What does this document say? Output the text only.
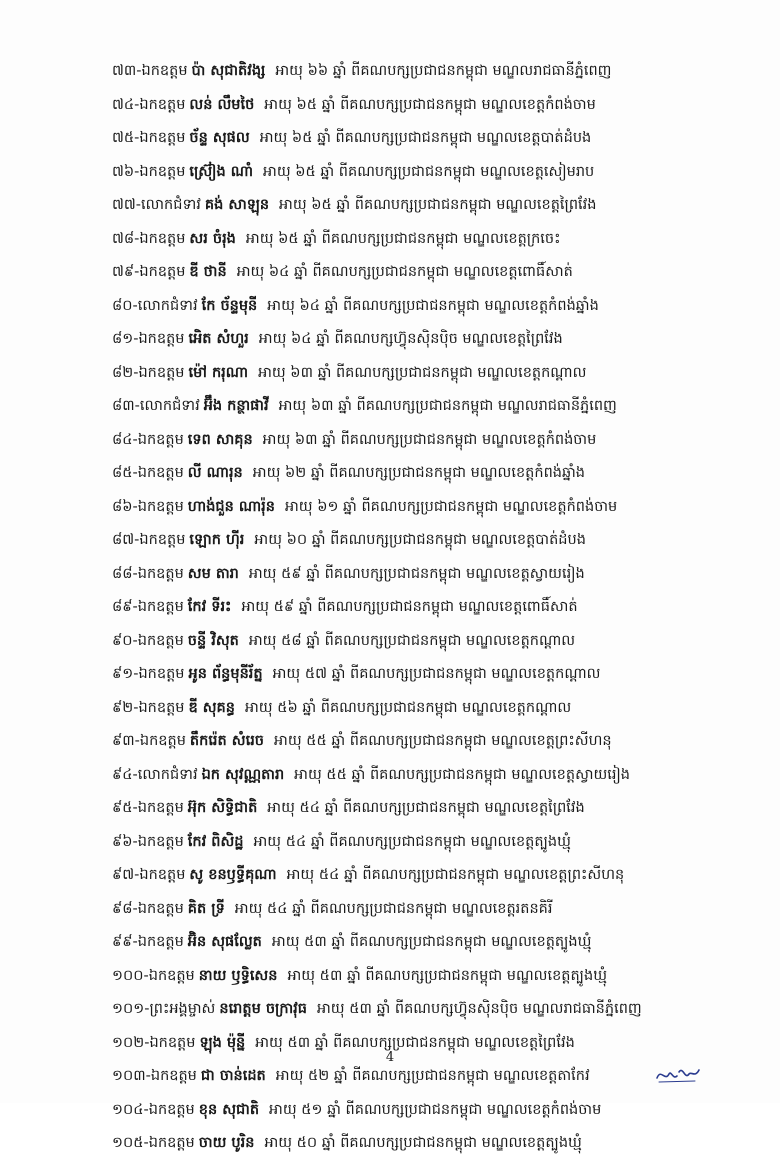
៧៣-ឯកឧត្តម ប៉ា សុជាតិវង្ស អាយុ ៦៦ ឆ្នាំ ពីគណបក្សប្រជាជនកម្ពុជា មណ្ឌលរាជធានីភ្នំពេញ
៧៤-ឯកឧត្តម លន់ លឹមថៃ អាយុ ៦៥ ឆ្នាំ ពីគណបក្សប្រជាជនកម្ពុជា មណ្ឌលខេត្តកំពង់ចាម
៧៥-ឯកឧត្តម ច័ន្ទ សុផល អាយុ ៦៥ ឆ្នាំ ពីគណបក្សប្រជាជនកម្ពុជា មណ្ឌលខេត្តបាត់ដំបង
៧៦-ឯកឧត្តម ស៊្រៀង ណាំ អាយុ ៦៥ ឆ្នាំ ពីគណបក្សប្រជាជនកម្ពុជា មណ្ឌលខេត្តសៀមរាប
៧៧-លោកជំទាវ គង់ សាឡុន អាយុ ៦៥ ឆ្នាំ ពីគណបក្សប្រជាជនកម្ពុជា មណ្ឌលខេត្តព្រៃវែង
៧៨-ឯកឧត្តម សរ ចំរុង អាយុ ៦៥ ឆ្នាំ ពីគណបក្សប្រជាជនកម្ពុជា មណ្ឌលខេត្តក្រចេះ
៧៩-ឯកឧត្តម ឌី ថានី អាយុ ៦៤ ឆ្នាំ ពីគណបក្សប្រជាជនកម្ពុជា មណ្ឌលខេត្តពោធិ៍សាត់
៨០-លោកជំទាវ កែ ច័ន្ទមុនី អាយុ ៦៤ ឆ្នាំ ពីគណបក្សប្រជាជនកម្ពុជា មណ្ឌលខេត្តកំពង់ឆ្នាំង
៨១-ឯកឧត្តម អេិត សំហួរ អាយុ ៦៤ ឆ្នាំ ពីគណបក្សហ៊្វុនស៊ិនប៉ិច មណ្ឌលខេត្តព្រៃវែង
៨២-ឯកឧត្តម ម៉ៅ ករុណា អាយុ ៦៣ ឆ្នាំ ពីគណបក្សប្រជាជនកម្ពុជា មណ្ឌលខេត្តកណ្តាល
៨៣-លោកជំទាវ អ៊ឹង កន្ថាផាវី អាយុ ៦៣ ឆ្នាំ ពីគណបក្សប្រជាជនកម្ពុជា មណ្ឌលរាជធានីភ្នំពេញ
៨៤-ឯកឧត្តម ទេព សាគុន អាយុ ៦៣ ឆ្នាំ ពីគណបក្សប្រជាជនកម្ពុជា មណ្ឌលខេត្តកំពង់ចាម
៨៥-ឯកឧត្តម លី ណារុន អាយុ ៦២ ឆ្នាំ ពីគណបក្សប្រជាជនកម្ពុជា មណ្ឌលខេត្តកំពង់ឆ្នាំង
៨៦-ឯកឧត្តម ហាង់ជួន ណារ៉ុន អាយុ ៦១ ឆ្នាំ ពីគណបក្សប្រជាជនកម្ពុជា មណ្ឌលខេត្តកំពង់ចាម
៨៧-ឯកឧត្តម ឡោក ហ៊ីរ អាយុ ៦០ ឆ្នាំ ពីគណបក្សប្រជាជនកម្ពុជា មណ្ឌលខេត្តបាត់ដំបង
៨៨-ឯកឧត្តម សម តារា អាយុ ៥៩ ឆ្នាំ ពីគណបក្សប្រជាជនកម្ពុជា មណ្ឌលខេត្តស្វាយរៀង
៨៩-ឯកឧត្តម កែវ ទីរះ អាយុ ៥៩ ឆ្នាំ ពីគណបក្សប្រជាជនកម្ពុជា មណ្ឌលខេត្តពោធិ៍សាត់
៩០-ឯកឧត្តម ចន្ទី វិសុត អាយុ ៥៨ ឆ្នាំ ពីគណបក្សប្រជាជនកម្ពុជា មណ្ឌលខេត្តកណ្តាល
៩១-ឯកឧត្តម អូន ព័ន្ធមុនីរ័ត្ន អាយុ ៥៧ ឆ្នាំ ពីគណបក្សប្រជាជនកម្ពុជា មណ្ឌលខេត្តកណ្តាល
៩២-ឯកឧត្តម ឌី សុគន្ធ អាយុ ៥៦ ឆ្នាំ ពីគណបក្សប្រជាជនកម្ពុជា មណ្ឌលខេត្តកណ្តាល
៩៣-ឯកឧត្តម តឹករ៉េត សំរេច អាយុ ៥៥ ឆ្នាំ ពីគណបក្សប្រជាជនកម្ពុជា មណ្ឌលខេត្តព្រះសីហនុ
៩៤-លោកជំទាវ ឯក សុវណ្ណតារា អាយុ ៥៥ ឆ្នាំ ពីគណបក្សប្រជាជនកម្ពុជា មណ្ឌលខេត្តស្វាយរៀង
៩៥-ឯកឧត្តម អ៊ុក សិទ្ធិជាតិ អាយុ ៥៤ ឆ្នាំ ពីគណបក្សប្រជាជនកម្ពុជា មណ្ឌលខេត្តព្រៃវែង
៩៦-ឯកឧត្តម កែវ ពិសិដ្ឋ អាយុ ៥៤ ឆ្នាំ ពីគណបក្សប្រជាជនកម្ពុជា មណ្ឌលខេត្តត្បូងឃ្មុំ
៩៧-ឯកឧត្តម សូ ខនឫទ្ធីគុណា អាយុ ៥៤ ឆ្នាំ ពីគណបក្សប្រជាជនកម្ពុជា មណ្ឌលខេត្តព្រះសីហនុ
៩៨-ឯកឧត្តម គិត ទ្រី អាយុ ៥៤ ឆ្នាំ ពីគណបក្សប្រជាជនកម្ពុជា មណ្ឌលខេត្តរតនគិរី
៩៩-ឯកឧត្តម អ៊ិន សុផល្លែត អាយុ ៥៣ ឆ្នាំ ពីគណបក្សប្រជាជនកម្ពុជា មណ្ឌលខេត្តត្បូងឃ្មុំ
១០០-ឯកឧត្តម នាយ ឫទ្ធិសេន អាយុ ៥៣ ឆ្នាំ ពីគណបក្សប្រជាជនកម្ពុជា មណ្ឌលខេត្តត្បូងឃ្មុំ
១០១-ព្រះអង្គម្ចាស់ នរោត្តម ចក្រាវុធ អាយុ ៥៣ ឆ្នាំ ពីគណបក្សហ៊្វុនស៊ិនប៉ិច មណ្ឌលរាជធានីភ្នំពេញ
១០២-ឯកឧត្តម ឡុង ម៉ុន្នី អាយុ ៥៣ ឆ្នាំ ពីគណបក្សប្រជាជនកម្ពុជា មណ្ឌលខេត្តព្រៃវែង
១០៣-ឯកឧត្តម ជា ចាន់ដេត អាយុ ៥២ ឆ្នាំ ពីគណបក្សប្រជាជនកម្ពុជា មណ្ឌលខេត្តតាកែវ
១០៤-ឯកឧត្តម ខុន សុជាតិ អាយុ ៥១ ឆ្នាំ ពីគណបក្សប្រជាជនកម្ពុជា មណ្ឌលខេត្តកំពង់ចាម
១០៥-ឯកឧត្តម ចាយ បូរិន អាយុ ៥០ ឆ្នាំ ពីគណបក្សប្រជាជនកម្ពុជា មណ្ឌលខេត្តត្បូងឃ្មុំ
4
